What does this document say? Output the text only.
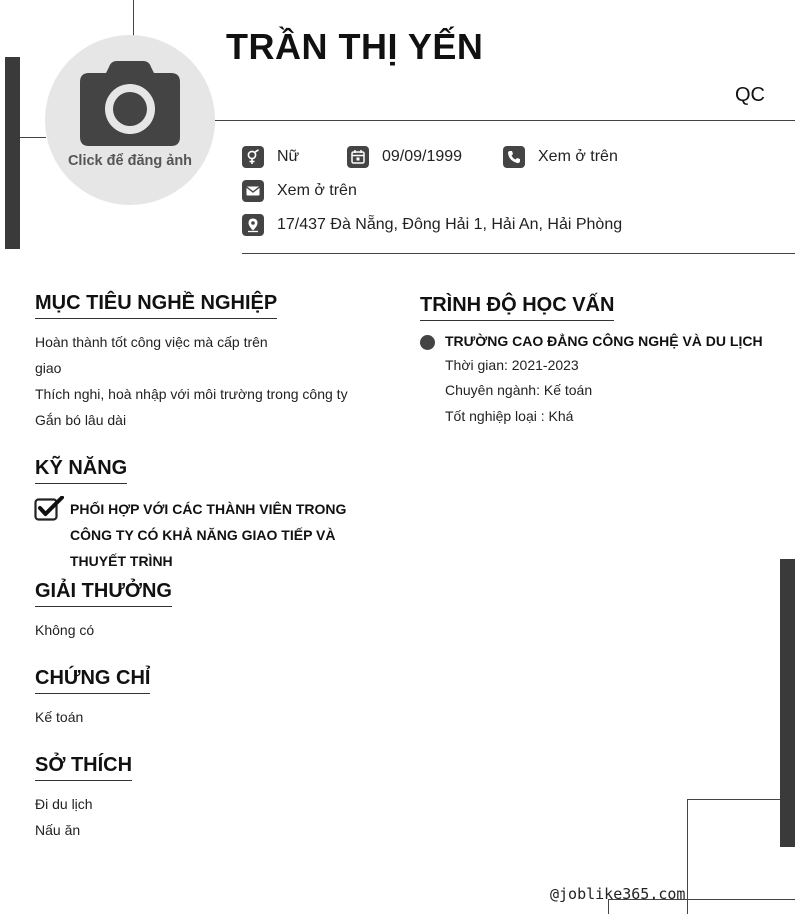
Click để đăng ảnh
TRẦN THỊ YẾN
QC
Nữ	09/09/1999	Xem ở trên
Xem ở trên
17/437 Đà Nẵng, Đông Hải 1, Hải An, Hải Phòng
MỤC TIÊU NGHỀ NGHIỆP
Hoàn thành tốt công việc mà cấp trên
giao
Thích nghi, hoà nhập với môi trường trong công ty
Gắn bó lâu dài
KỸ NĂNG
PHỐI HỢP VỚI CÁC THÀNH VIÊN TRONG CÔNG TY CÓ KHẢ NĂNG GIAO TIẾP VÀ THUYẾT TRÌNH
GIẢI THƯỞNG
Không có
CHỨNG CHỈ
Kế toán
SỞ THÍCH
Đi du lịch
Nấu ăn
TRÌNH ĐỘ HỌC VẤN
TRƯỜNG CAO ĐẲNG CÔNG NGHỆ VÀ DU LỊCH
Thời gian: 2021-2023
Chuyên ngành: Kế toán
Tốt nghiệp loại : Khá
@joblike365.com
